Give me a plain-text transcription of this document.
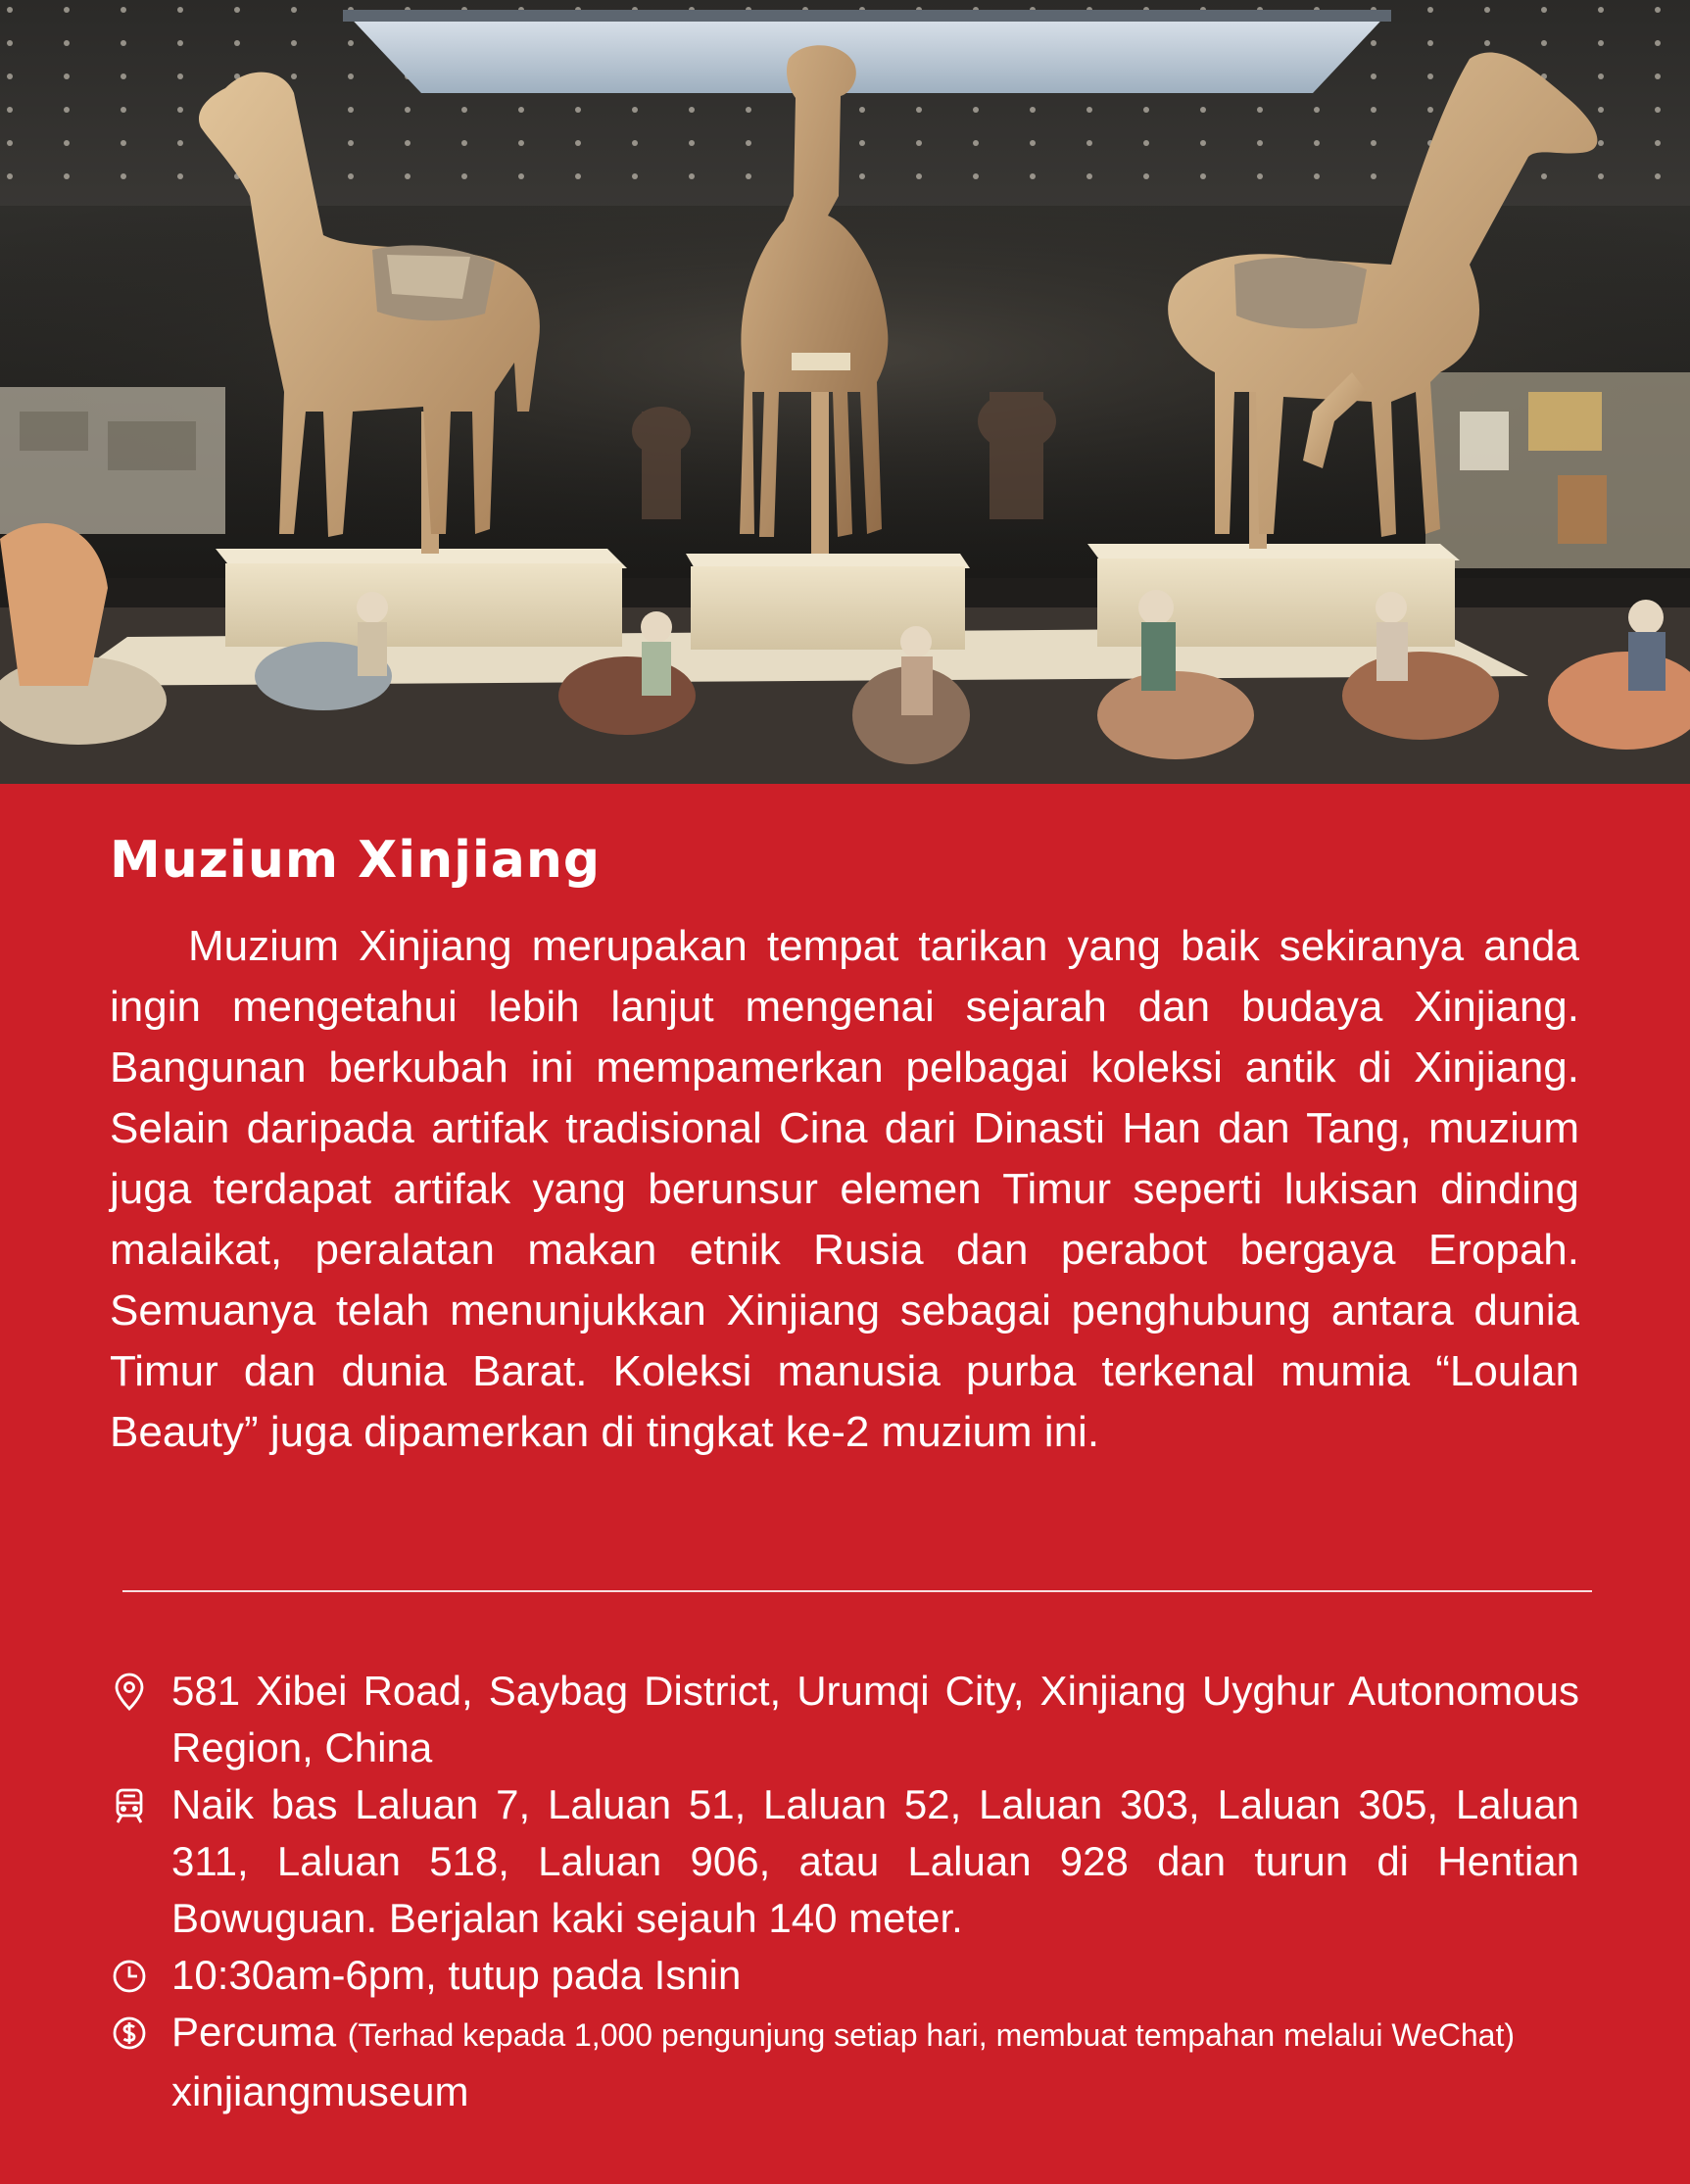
Muzium Xinjiang

Muzium Xinjiang merupakan tempat tarikan yang baik sekiranya anda ingin mengetahui lebih lanjut mengenai sejarah dan budaya Xinjiang. Bangunan berkubah ini mempamerkan pelbagai koleksi antik di Xinjiang. Selain daripada artifak tradisional Cina dari Dinasti Han dan Tang, muzium juga terdapat artifak yang berunsur elemen Timur seperti lukisan dinding malaikat, peralatan makan etnik Rusia dan perabot bergaya Eropah. Semuanya telah menunjukkan Xinjiang sebagai penghubung antara dunia Timur dan dunia Barat. Koleksi manusia purba terkenal mumia “Loulan Beauty” juga dipamerkan di tingkat ke-2 muzium ini.

581 Xibei Road, Saybag District, Urumqi City, Xinjiang Uyghur Autonomous Region, China
Naik bas Laluan 7, Laluan 51, Laluan 52, Laluan 303, Laluan 305, Laluan 311, Laluan 518, Laluan 906, atau Laluan 928 dan turun di Hentian Bowuguan. Berjalan kaki sejauh 140 meter.
10:30am-6pm, tutup pada Isnin
Percuma (Terhad kepada 1,000 pengunjung setiap hari, membuat tempahan melalui WeChat)
xinjiangmuseum
